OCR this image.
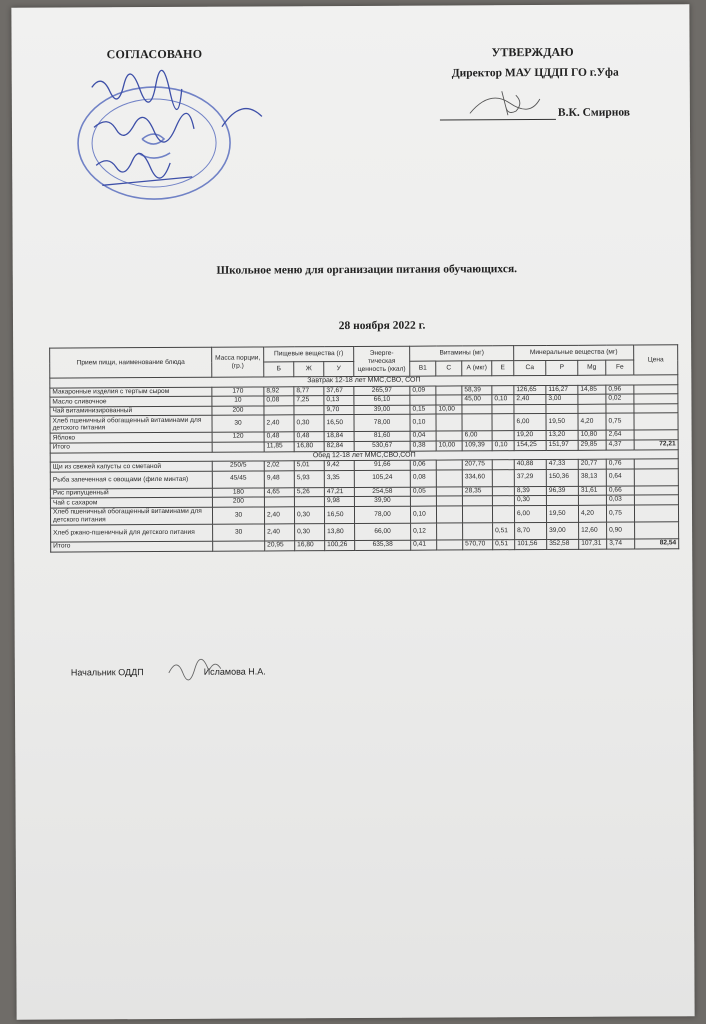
СОГЛАСОВАНО	УТВЕРЖДАЮ
Директор МАУ ЦДДП ГО г.Уфа
В.К. Смирнов
Школьное меню для организации питания обучающихся.
28 ноября 2022 г.
Прием пищи, наименование блюда	Масса порции, (гр.)	Пищевые вещества (г)			Энерге-тическая ценность (ккал)	Витамины (мг)				Минеральные вещества (мг)				Цена
		Б	Ж	У		В1	С	А (мкг)	Е	Са	Р	Mg	Fe	
Завтрак 12-18 лет ММС,СВО, СОП														
Макаронные изделия с тертым сыром	170	8,92	8,77	37,67	265,97	0,09		58,39		126,65	116,27	14,85	0,96	
Масло сливочное	10	0,08	7,25	0,13	66,10			45,00	0,10	2,40	3,00		0,02	
Чай витаминизированный	200			9,70	39,00	0,15	10,00							
Хлеб пшеничный обогащенный витаминами для детского питания	30	2,40	0,30	16,50	78,00	0,10				6,00	19,50	4,20	0,75	
Яблоко	120	0,48	0,48	18,84	81,60	0,04		6,00		19,20	13,20	10,80	2,64	
Итого		11,85	16,80	82,84	530,67	0,38	10,00	109,39	0,10	154,25	151,97	29,85	4,37	72,21
Обед 12-18 лет ММС,СВО,СОП														
Щи из свежей капусты со сметаной	250/5	2,02	5,01	9,42	91,66	0,06		207,75		40,88	47,33	20,77	0,76	
Рыба запеченная с овощами (филе минтая)	45/45	9,48	5,93	3,35	105,24	0,08		334,60		37,29	150,36	38,13	0,64	
Рис припущенный	180	4,65	5,26	47,21	254,58	0,05		28,35		8,39	96,39	31,61	0,66	
Чай с сахаром	200			9,98	39,90					0,30			0,03	
Хлеб пшеничный обогащенный витаминами для детского питания	30	2,40	0,30	16,50	78,00	0,10				6,00	19,50	4,20	0,75	
Хлеб ржано-пшеничный для детского питания	30	2,40	0,30	13,80	66,00	0,12			0,51	8,70	39,00	12,60	0,90	
Итого		20,95	16,80	100,26	635,38	0,41		570,70	0,51	101,56	352,58	107,31	3,74	82,54
Начальник ОДДП	Исламова Н.А.
